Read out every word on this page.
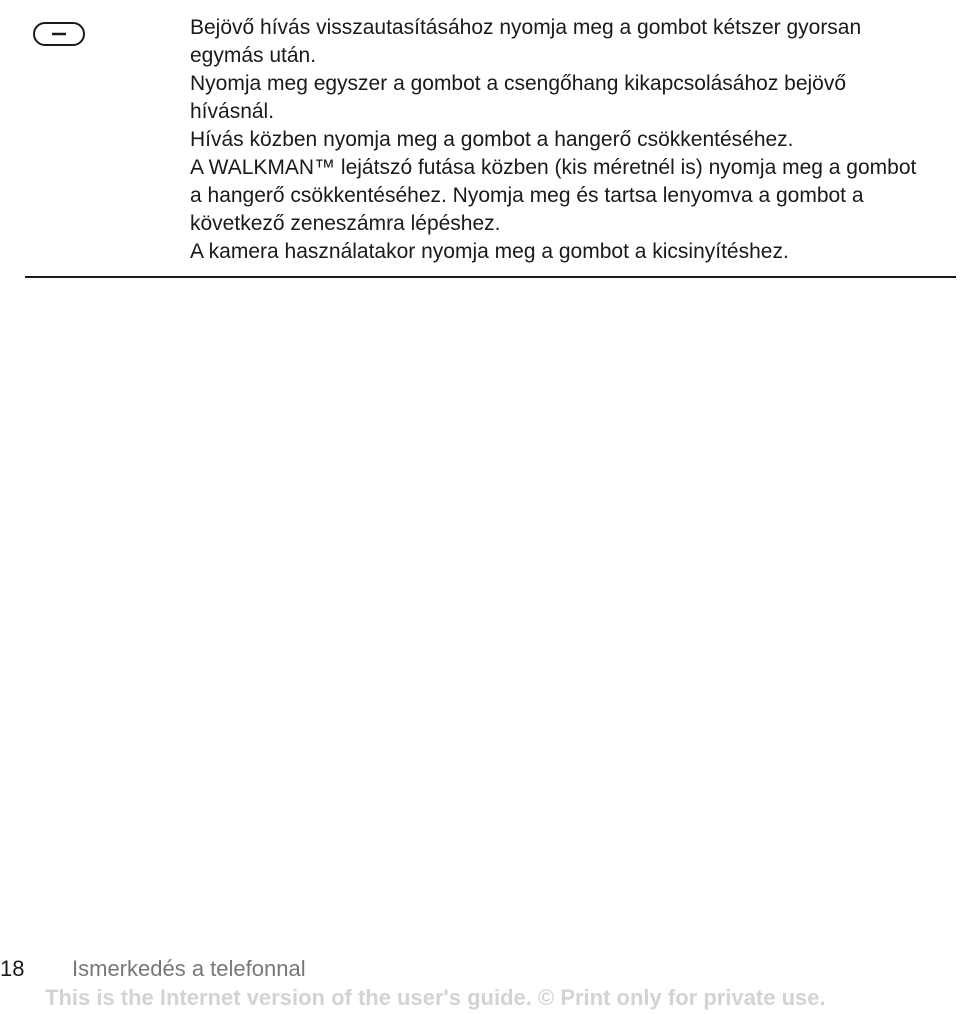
Bejövő hívás visszautasításához nyomja meg a gombot kétszer gyorsan egymás után.

Nyomja meg egyszer a gombot a csengőhang kikapcsolásához bejövő hívásnál.

Hívás közben nyomja meg a gombot a hangerő csökkentéséhez.

A WALKMAN™ lejátszó futása közben (kis méretnél is) nyomja meg a gombot a hangerő csökkentéséhez. Nyomja meg és tartsa lenyomva a gombot a következő zeneszámra lépéshez.

A kamera használatakor nyomja meg a gombot a kicsinyítéshez.

18 Ismerkedés a telefonnal
This is the Internet version of the user's guide. © Print only for private use.
